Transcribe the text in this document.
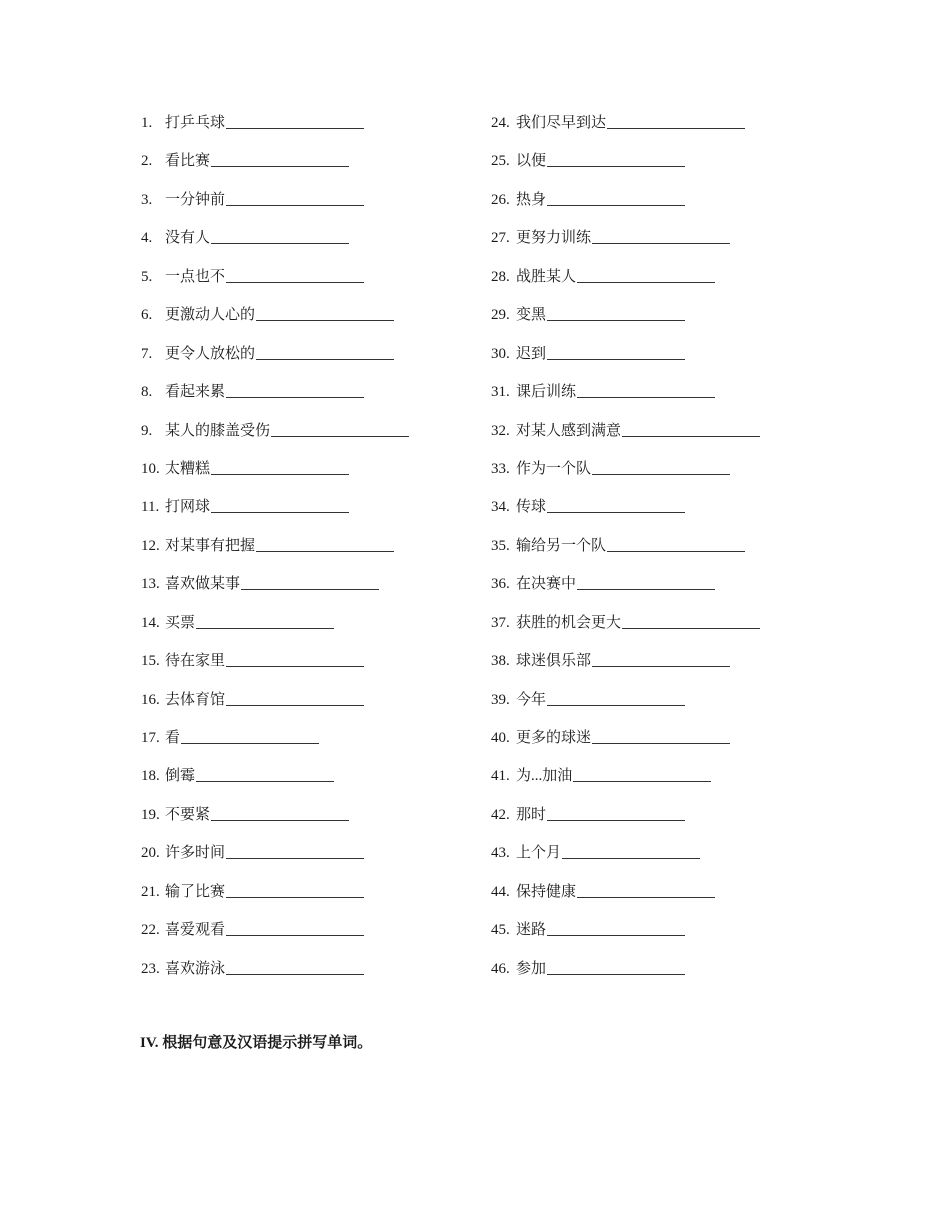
1. 打乒乓球
2. 看比赛
3. 一分钟前
4. 没有人
5. 一点也不
6. 更激动人心的
7. 更令人放松的
8. 看起来累
9. 某人的膝盖受伤
10. 太糟糕
11. 打网球
12. 对某事有把握
13. 喜欢做某事
14. 买票
15. 待在家里
16. 去体育馆
17. 看
18. 倒霉
19. 不要紧
20. 许多时间
21. 输了比赛
22. 喜爱观看
23. 喜欢游泳
24. 我们尽早到达
25. 以便
26. 热身
27. 更努力训练
28. 战胜某人
29. 变黑
30. 迟到
31. 课后训练
32. 对某人感到满意
33. 作为一个队
34. 传球
35. 输给另一个队
36. 在决赛中
37. 获胜的机会更大
38. 球迷俱乐部
39. 今年
40. 更多的球迷
41. 为...加油
42. 那时
43. 上个月
44. 保持健康
45. 迷路
46. 参加
IV. 根据句意及汉语提示拼写单词。
